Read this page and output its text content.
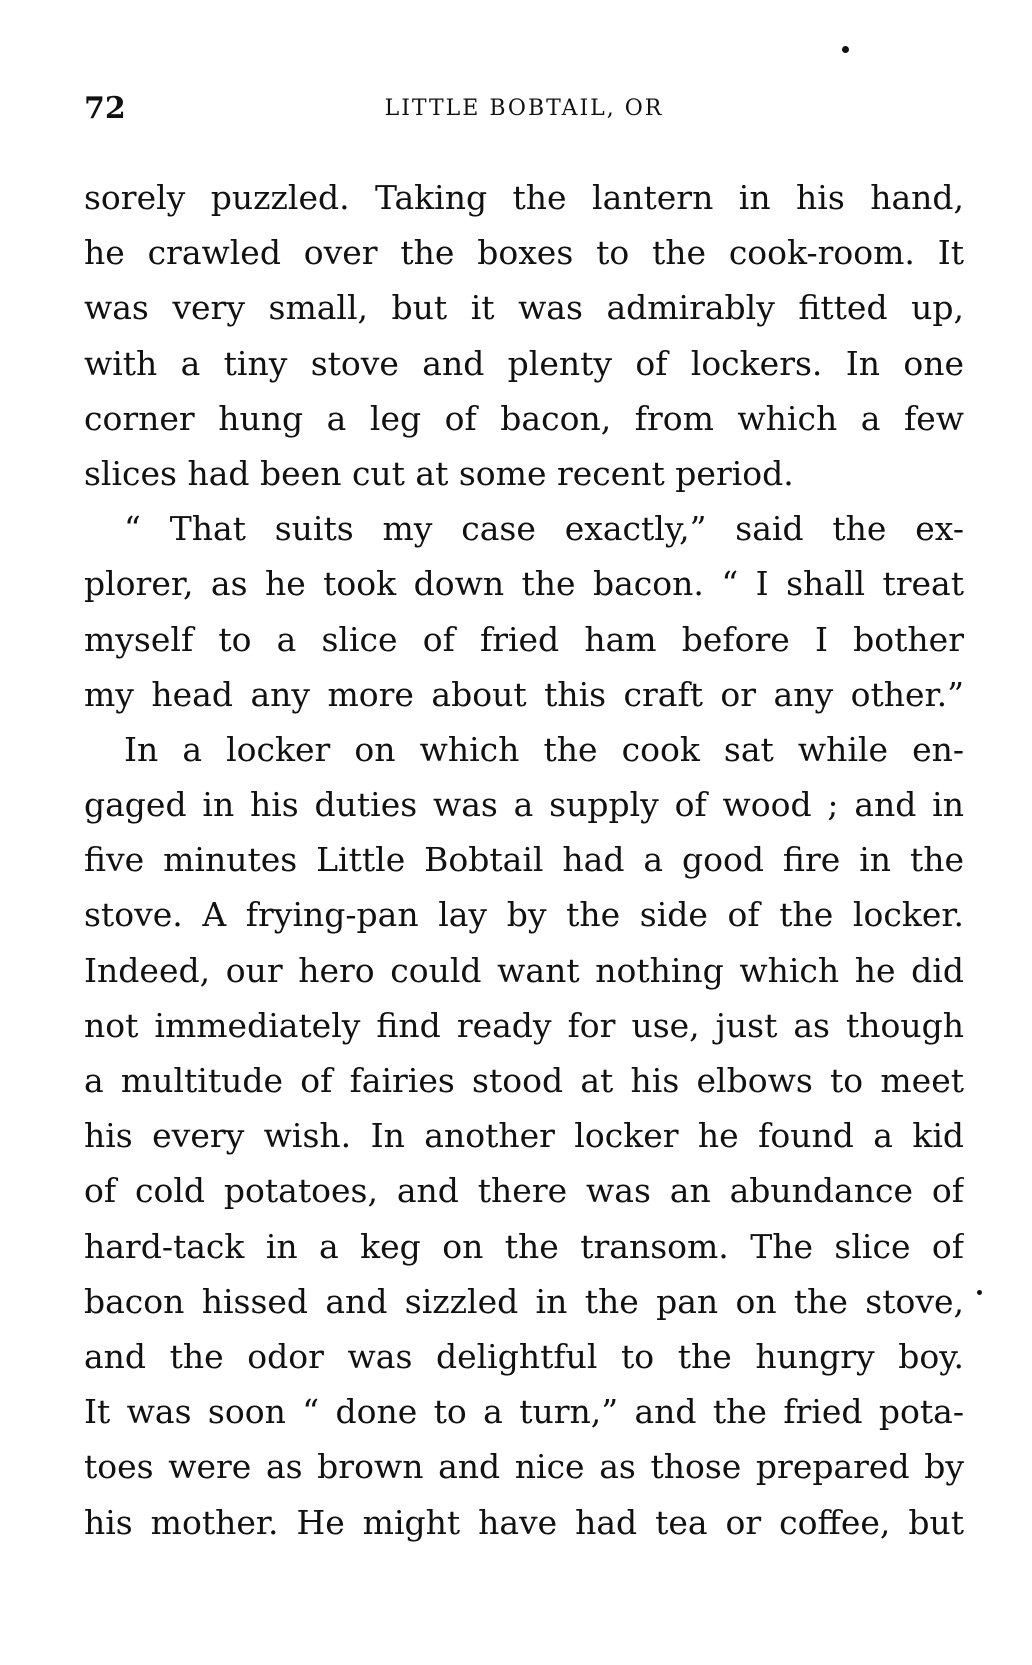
72	LITTLE BOBTAIL, OR
sorely puzzled. Taking the lantern in his hand,
he crawled over the boxes to the cook-room. It
was very small, but it was admirably fitted up,
with a tiny stove and plenty of lockers. In one
corner hung a leg of bacon, from which a few
slices had been cut at some recent period.
“ That suits my case exactly,” said the ex-
plorer, as he took down the bacon. “ I shall treat
myself to a slice of fried ham before I bother
my head any more about this craft or any other.”
In a locker on which the cook sat while en-
gaged in his duties was a supply of wood ; and in
five minutes Little Bobtail had a good fire in the
stove. A frying-pan lay by the side of the locker.
Indeed, our hero could want nothing which he did
not immediately find ready for use, just as though
a multitude of fairies stood at his elbows to meet
his every wish. In another locker he found a kid
of cold potatoes, and there was an abundance of
hard-tack in a keg on the transom. The slice of
bacon hissed and sizzled in the pan on the stove,
and the odor was delightful to the hungry boy.
It was soon “ done to a turn,” and the fried pota-
toes were as brown and nice as those prepared by
his mother. He might have had tea or coffee, but
